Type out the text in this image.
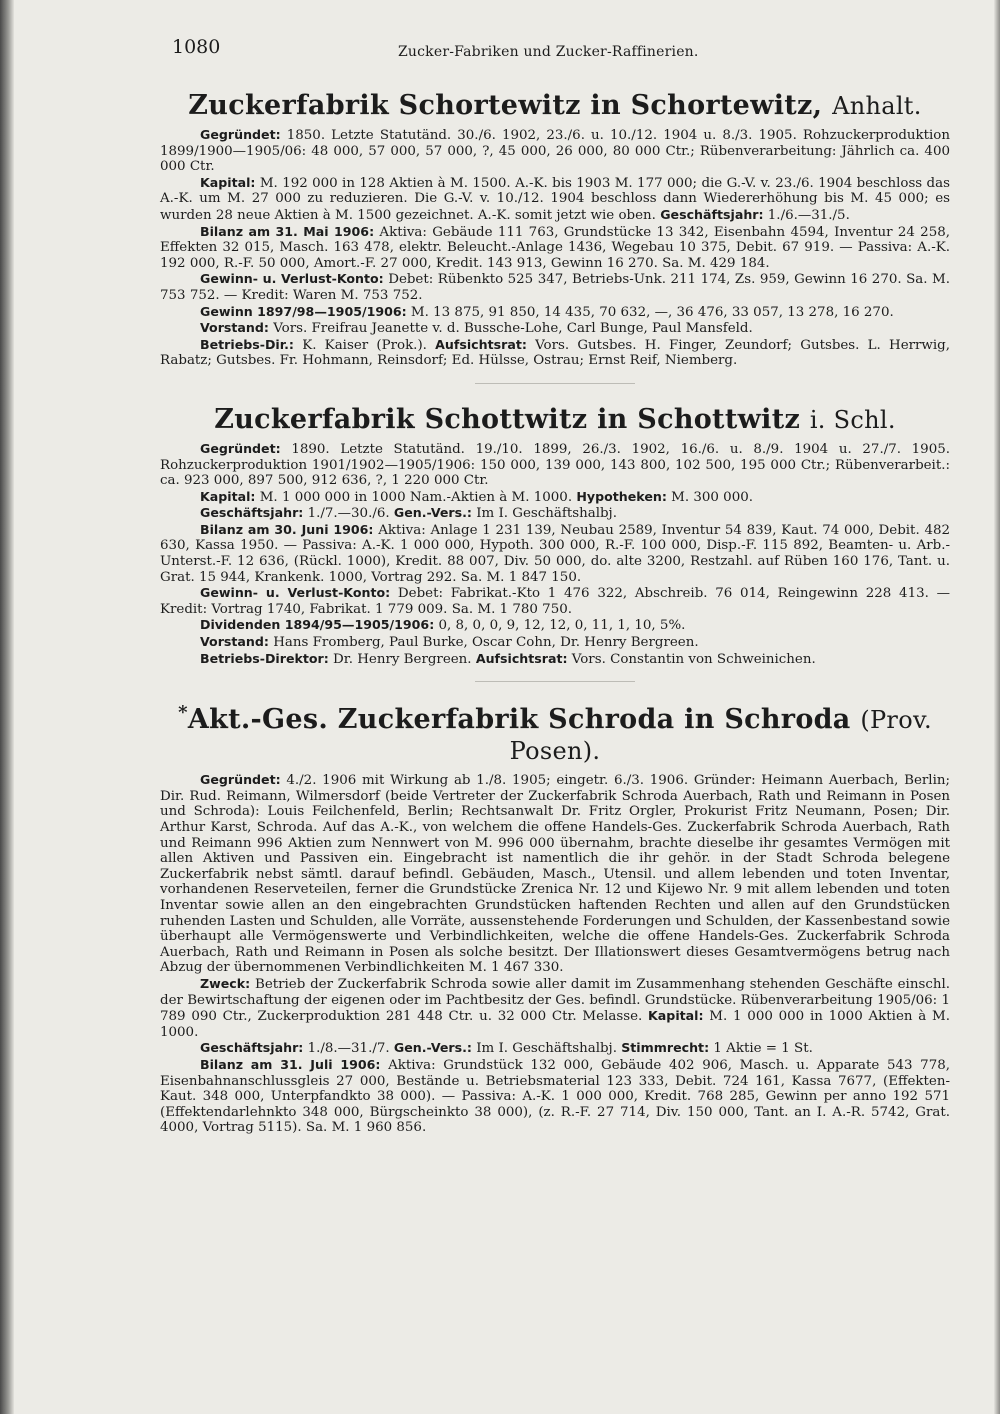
1080	Zucker-Fabriken und Zucker-Raffinerien.
Zuckerfabrik Schortewitz in Schortewitz, Anhalt.

Gegründet: 1850. Letzte Statutänd. 30./6. 1902, 23./6. u. 10./12. 1904 u. 8./3. 1905. Rohzuckerproduktion 1899/1900—1905/06: 48 000, 57 000, 57 000, ?, 45 000, 26 000, 80 000 Ctr.; Rübenverarbeitung: Jährlich ca. 400 000 Ctr.

Kapital: M. 192 000 in 128 Aktien à M. 1500. A.-K. bis 1903 M. 177 000; die G.-V. v. 23./6. 1904 beschloss das A.-K. um M. 27 000 zu reduzieren. Die G.-V. v. 10./12. 1904 beschloss dann Wiedererhöhung bis M. 45 000; es wurden 28 neue Aktien à M. 1500 gezeichnet. A.-K. somit jetzt wie oben. Geschäftsjahr: 1./6.—31./5.

Bilanz am 31. Mai 1906: Aktiva: Gebäude 111 763, Grundstücke 13 342, Eisenbahn 4594, Inventur 24 258, Effekten 32 015, Masch. 163 478, elektr. Beleucht.-Anlage 1436, Wegebau 10 375, Debit. 67 919. — Passiva: A.-K. 192 000, R.-F. 50 000, Amort.-F. 27 000, Kredit. 143 913, Gewinn 16 270. Sa. M. 429 184.

Gewinn- u. Verlust-Konto: Debet: Rübenkto 525 347, Betriebs-Unk. 211 174, Zs. 959, Gewinn 16 270. Sa. M. 753 752. — Kredit: Waren M. 753 752.

Gewinn 1897/98—1905/1906: M. 13 875, 91 850, 14 435, 70 632, —, 36 476, 33 057, 13 278, 16 270.

Vorstand: Vors. Freifrau Jeanette v. d. Bussche-Lohe, Carl Bunge, Paul Mansfeld.

Betriebs-Dir.: K. Kaiser (Prok.). Aufsichtsrat: Vors. Gutsbes. H. Finger, Zeundorf; Gutsbes. L. Herrwig, Rabatz; Gutsbes. Fr. Hohmann, Reinsdorf; Ed. Hülsse, Ostrau; Ernst Reif, Niemberg.

Zuckerfabrik Schottwitz in Schottwitz i. Schl.

Gegründet: 1890. Letzte Statutänd. 19./10. 1899, 26./3. 1902, 16./6. u. 8./9. 1904 u. 27./7. 1905. Rohzuckerproduktion 1901/1902—1905/1906: 150 000, 139 000, 143 800, 102 500, 195 000 Ctr.; Rübenverarbeit.: ca. 923 000, 897 500, 912 636, ?, 1 220 000 Ctr.

Kapital: M. 1 000 000 in 1000 Nam.-Aktien à M. 1000. Hypotheken: M. 300 000.

Geschäftsjahr: 1./7.—30./6. Gen.-Vers.: Im I. Geschäftshalbj.

Bilanz am 30. Juni 1906: Aktiva: Anlage 1 231 139, Neubau 2589, Inventur 54 839, Kaut. 74 000, Debit. 482 630, Kassa 1950. — Passiva: A.-K. 1 000 000, Hypoth. 300 000, R.-F. 100 000, Disp.-F. 115 892, Beamten- u. Arb.-Unterst.-F. 12 636, (Rückl. 1000), Kredit. 88 007, Div. 50 000, do. alte 3200, Restzahl. auf Rüben 160 176, Tant. u. Grat. 15 944, Krankenk. 1000, Vortrag 292. Sa. M. 1 847 150.

Gewinn- u. Verlust-Konto: Debet: Fabrikat.-Kto 1 476 322, Abschreib. 76 014, Reingewinn 228 413. — Kredit: Vortrag 1740, Fabrikat. 1 779 009. Sa. M. 1 780 750.

Dividenden 1894/95—1905/1906: 0, 8, 0, 0, 9, 12, 12, 0, 11, 1, 10, 5%.

Vorstand: Hans Fromberg, Paul Burke, Oscar Cohn, Dr. Henry Bergreen.

Betriebs-Direktor: Dr. Henry Bergreen. Aufsichtsrat: Vors. Constantin von Schweinichen.

*Akt.-Ges. Zuckerfabrik Schroda in Schroda (Prov. Posen).

Gegründet: 4./2. 1906 mit Wirkung ab 1./8. 1905; eingetr. 6./3. 1906. Gründer: Heimann Auerbach, Berlin; Dir. Rud. Reimann, Wilmersdorf (beide Vertreter der Zuckerfabrik Schroda Auerbach, Rath und Reimann in Posen und Schroda): Louis Feilchenfeld, Berlin; Rechtsanwalt Dr. Fritz Orgler, Prokurist Fritz Neumann, Posen; Dir. Arthur Karst, Schroda. Auf das A.-K., von welchem die offene Handels-Ges. Zuckerfabrik Schroda Auerbach, Rath und Reimann 996 Aktien zum Nennwert von M. 996 000 übernahm, brachte dieselbe ihr gesamtes Vermögen mit allen Aktiven und Passiven ein. Eingebracht ist namentlich die ihr gehör. in der Stadt Schroda belegene Zuckerfabrik nebst sämtl. darauf befindl. Gebäuden, Masch., Utensil. und allem lebenden und toten Inventar, vorhandenen Reserveteilen, ferner die Grundstücke Zrenica Nr. 12 und Kijewo Nr. 9 mit allem lebenden und toten Inventar sowie allen an den eingebrachten Grundstücken haftenden Rechten und allen auf den Grundstücken ruhenden Lasten und Schulden, alle Vorräte, aussenstehende Forderungen und Schulden, der Kassenbestand sowie überhaupt alle Vermögenswerte und Verbindlichkeiten, welche die offene Handels-Ges. Zuckerfabrik Schroda Auerbach, Rath und Reimann in Posen als solche besitzt. Der Illationswert dieses Gesamtvermögens betrug nach Abzug der übernommenen Verbindlichkeiten M. 1 467 330.

Zweck: Betrieb der Zuckerfabrik Schroda sowie aller damit im Zusammenhang stehenden Geschäfte einschl. der Bewirtschaftung der eigenen oder im Pachtbesitz der Ges. befindl. Grundstücke. Rübenverarbeitung 1905/06: 1 789 090 Ctr., Zuckerproduktion 281 448 Ctr. u. 32 000 Ctr. Melasse. Kapital: M. 1 000 000 in 1000 Aktien à M. 1000.

Geschäftsjahr: 1./8.—31./7. Gen.-Vers.: Im I. Geschäftshalbj. Stimmrecht: 1 Aktie = 1 St.

Bilanz am 31. Juli 1906: Aktiva: Grundstück 132 000, Gebäude 402 906, Masch. u. Apparate 543 778, Eisenbahnanschlussgleis 27 000, Bestände u. Betriebsmaterial 123 333, Debit. 724 161, Kassa 7677, (Effekten-Kaut. 348 000, Unterpfandkto 38 000). — Passiva: A.-K. 1 000 000, Kredit. 768 285, Gewinn per anno 192 571 (Effektendarlehnkto 348 000, Bürgscheinkto 38 000), (z. R.-F. 27 714, Div. 150 000, Tant. an I. A.-R. 5742, Grat. 4000, Vortrag 5115). Sa. M. 1 960 856.
